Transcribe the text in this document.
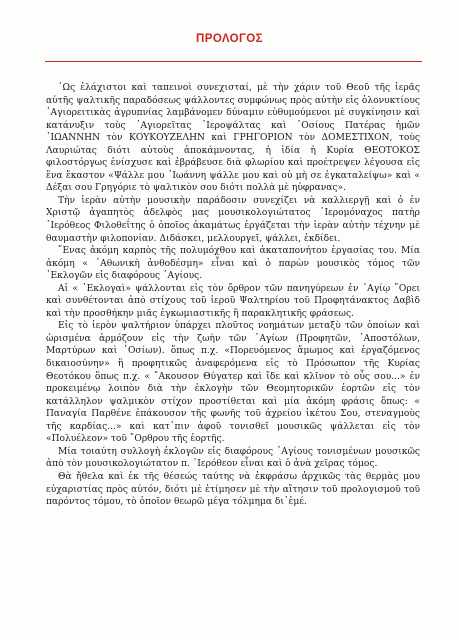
ΠΡΟΛΟΓΟΣ

῾Ως ἐλάχιστοι καὶ ταπεινοὶ συνεχισταί, μὲ τὴν χάριν τοῦ Θεοῦ τῆς ἱερᾶς αὐτῆς ψαλτικῆς παραδόσεως ψάλλοντες συμφώνως πρὸς αὐτὴν εἰς ὁλονυκτίους ᾿Αγιορειτικὰς ἀγρυπνίας λαμβάνομεν δύναμιν εὐθυμούμενοι μὲ συγκίνησιν καὶ κατάνυξιν τοὺς ᾿Αγιορεῖτας ῾Ιεροψάλτας καὶ ῾Οσίους Πατέρας ἡμῶν ᾿ΙΩΑΝΝΗΝ τὸν ΚΟΥΚΟΥΖΕΛΗΝ καὶ ΓΡΗΓΟΡΙΟΝ τὸν ΔΟΜΕΣΤΙΧΟΝ, τοὺς Λαυριώτας διότι αὐτοὺς ἀποκάμνοντας, ἡ ἰδία ἡ Κυρία ΘΕΟΤΟΚΟΣ φιλοστόργως ἐνίσχυσε καὶ ἐβράβευσε διὰ φλωρίου καὶ προέτρεψεν λέγουσα εἰς ἕνα ἕκαστον «Ψάλλε μου ᾿Ιωάννη ψάλλε μου καὶ οὐ μὴ σε ἐγκαταλείψω» καὶ « Δέξαι σου Γρηγόριε τὸ ψαλτικὸν σου διότι πολλὰ μὲ ηὐφρανας».

Τὴν ἱερὰν αὐτὴν μουσικὴν παράδοσιν συνεχίζει νὰ καλλιεργῇ καὶ ὁ ἐν Χριστῷ ἀγαπητὸς ἀδελφὸς μας μουσικολογιώτατος ῾Ιερομόναχος πατὴρ ῾Ιερόθεος Φιλοθεΐτης ὁ ὁποῖος ἀκαμάτως ἐργάζεται τὴν ἱερὰν αὐτὴν τέχνην μὲ θαυμαστὴν φιλοπονίαν. Διδάσκει, μελλουργεῖ, ψάλλει, ἐκδίδει.

῞Ενας ἀκόμη καρπὸς τῆς πολυμόχθου καὶ ἀκαταπονήτου ἐργασίας του. Μία ἀκόμη « ᾿Αθωνικὴ ἀνθοδέσμη» εἶναι καὶ ὁ παρὼν μουσικὸς τόμος τῶν ᾿Εκλογῶν εἰς διαφόρους ῾Αγίους.

Αἱ « ᾿Εκλογαὶ» ψάλλονται εἰς τὸν ὄρθρον τῶν πανηγύρεων ἐν ῾Αγίῳ ῎Ορει καὶ συνθέτονται ἀπὸ στίχους τοῦ ἱεροῦ Ψαλτηρίου τοῦ Προφητάνακτος Δαβὶδ καὶ τὴν προσθήκην μιᾶς ἐγκωμιαστικῆς ἢ παρακλητικῆς φράσεως.

Εἰς τὸ ἱερὸν ψαλτήριον ὑπάρχει πλοῦτος νοημάτων μεταξὺ τῶν ὁποίων καὶ ὡρισμένα ἁρμόζουν εἰς τὴν ζωὴν τῶν ῾Αγίων (Προφητῶν, ᾿Αποστόλων, Μαρτύρων καὶ ῾Οσίων). ὅπως π.χ. «Πορευόμενος ἄμωμος καὶ ἐργαζόμενος δικαιοσύνην» ἢ προφητικῶς ἀναφερόμενα εἰς τὸ Πρόσωπον τῆς Κυρίας Θεοτόκου ὅπως π.χ. « ῎Ακουσον Θύγατερ καὶ ἴδε καὶ κλῖνον τὸ οὖς σου...» ἐν προκειμένῳ λοιπὸν διὰ τὴν ἐκλογὴν τῶν Θεομητορικῶν ἑορτῶν εἰς τὸν κατάλληλον ψαλμικὸν στίχον προστίθεται καὶ μία ἀκόμη φράσις ὅπως: « Παναγία Παρθένε ἐπάκουσον τῆς φωνῆς τοῦ ἀχρείου ἱκέτου Σου, στεναγμοὺς τῆς καρδίας...» καὶ κατ᾽πιν ἀφοῦ τονισθεῖ μουσικῶς ψάλλεται εἰς τὸν «Πολυέλεον» τοῦ ῎Ορθρου τῆς ἑορτῆς.

Μία τοιαύτη συλλογὴ ἐκλογῶν εἰς διαφόρους ῾Αγίους τονισμένων μουσικῶς ἀπὸ τὸν μουσικολογιώτατον π. ῾Ιερόθεον εἶναι καὶ ὁ ἀνὰ χεῖρας τόμος.

Θὰ ἤθελα καὶ ἐκ τῆς θέσεώς ταύτης νὰ ἐκφράσω ἀρχικῶς τὰς θερμὰς μου εὐχαριστίας πρὸς αὐτόν, διότι μὲ ἐτίμησεν μὲ τὴν αἴτησιν τοῦ προλογισμοῦ τοῦ παρόντος τόμου, τὸ ὁποῖον θεωρῶ μέγα τόλμημα δι᾽ἐμέ.
